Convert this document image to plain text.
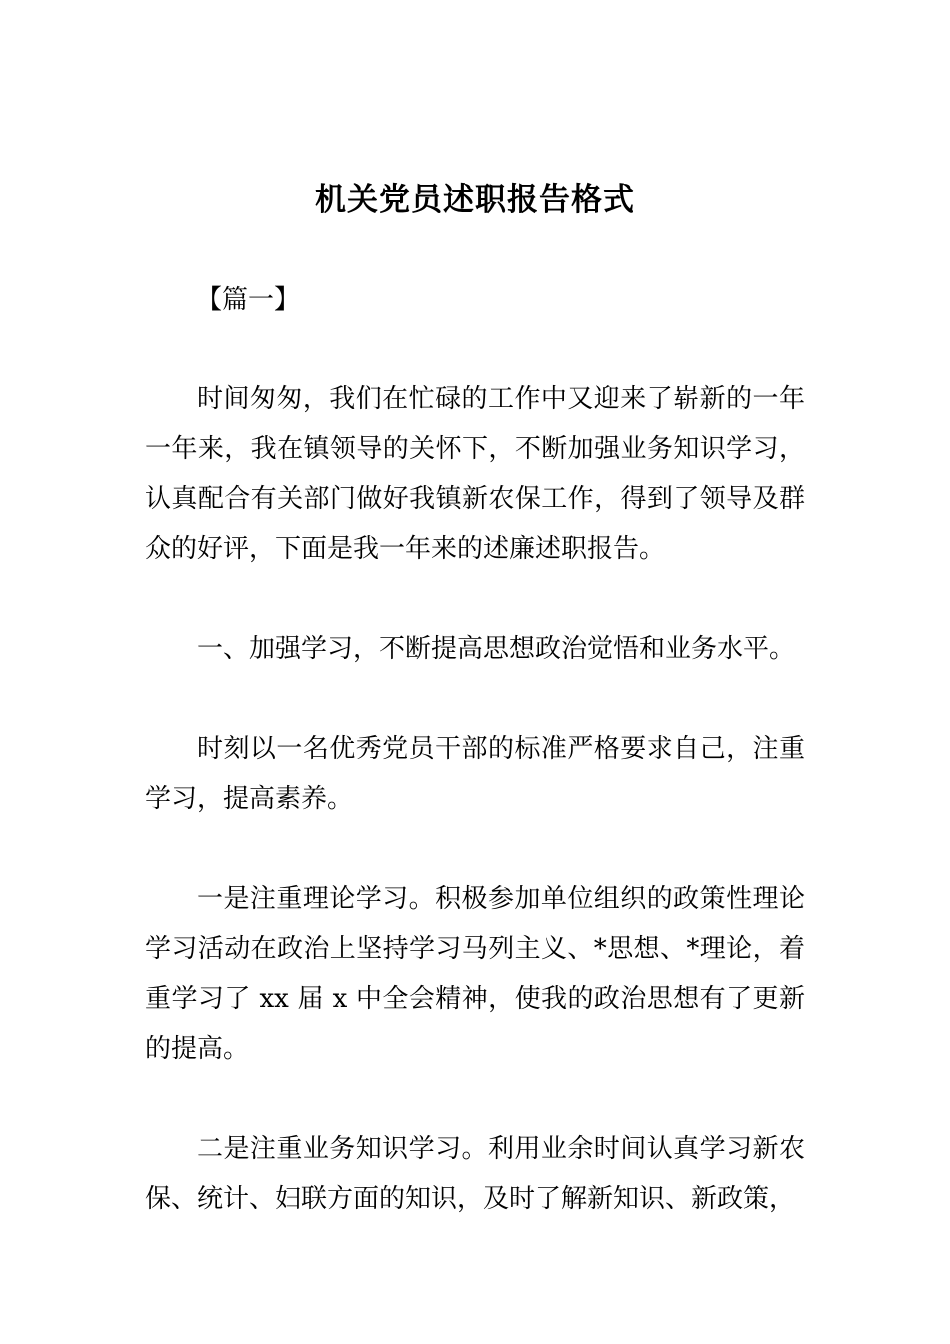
机关党员述职报告格式
【篇一】

时间匆匆，我们在忙碌的工作中又迎来了崭新的一年一年来，我在镇领导的关怀下，不断加强业务知识学习，认真配合有关部门做好我镇新农保工作，得到了领导及群众的好评，下面是我一年来的述廉述职报告。

一、加强学习，不断提高思想政治觉悟和业务水平。

时刻以一名优秀党员干部的标准严格要求自己，注重学习，提高素养。

一是注重理论学习。积极参加单位组织的政策性理论学习活动在政治上坚持学习马列主义、*思想、*理论，着重学习了 xx 届 x 中全会精神，使我的政治思想有了更新的提高。

二是注重业务知识学习。利用业余时间认真学习新农保、统计、妇联方面的知识，及时了解新知识、新政策，
